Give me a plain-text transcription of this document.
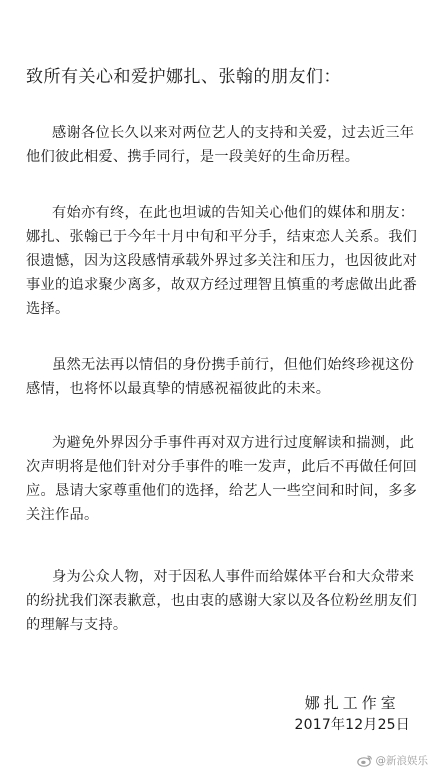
致所有关心和爱护娜扎、张翰的朋友们：
感谢各位长久以来对两位艺人的支持和关爱，过去近三年
他们彼此相爱、携手同行，是一段美好的生命历程。
有始亦有终，在此也坦诚的告知关心他们的媒体和朋友：
娜扎、张翰已于今年十月中旬和平分手，结束恋人关系。我们
很遗憾，因为这段感情承载外界过多关注和压力，也因彼此对
事业的追求聚少离多，故双方经过理智且慎重的考虑做出此番
选择。
虽然无法再以情侣的身份携手前行，但他们始终珍视这份
感情，也将怀以最真挚的情感祝福彼此的未来。
为避免外界因分手事件再对双方进行过度解读和揣测，此
次声明将是他们针对分手事件的唯一发声，此后不再做任何回
应。恳请大家尊重他们的选择，给艺人一些空间和时间，多多
关注作品。
身为公众人物，对于因私人事件而给媒体平台和大众带来
的纷扰我们深表歉意，也由衷的感谢大家以及各位粉丝朋友们
的理解与支持。
娜扎工作室
2017年12月25日
@新浪娱乐
